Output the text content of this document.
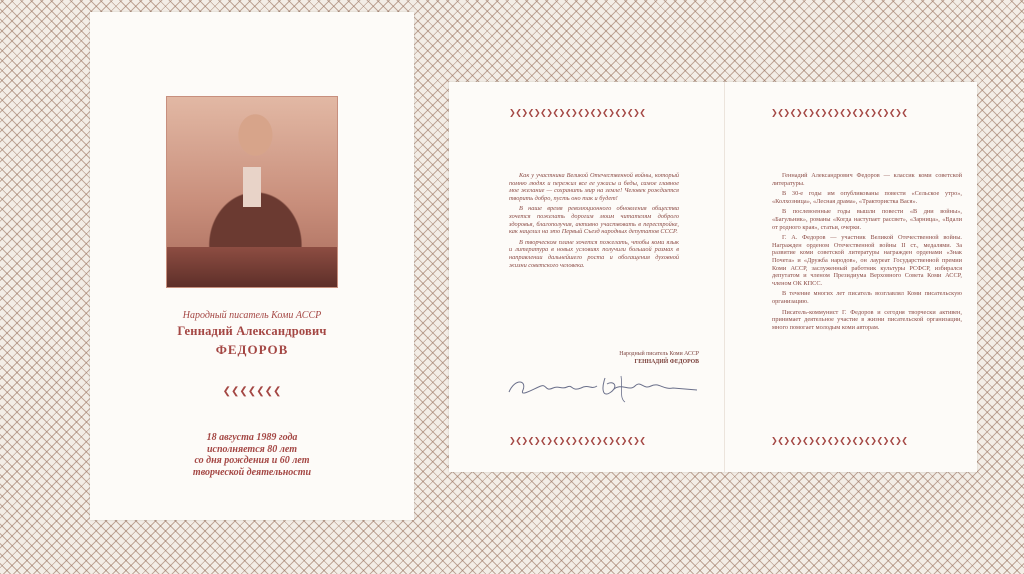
Народный писатель Коми АССР
Геннадий Александрович
ФЕДОРОВ
❮❮❮❮❮❮❮
18 августа 1989 года
исполняется 80 лет
со дня рождения и 60 лет
творческой деятельности
❯❮❯❮❯❮❯❮❯❮❯❮❯❮❯❮❯❮❯❮❯❮	❯❮❯❮❯❮❯❮❯❮❯❮❯❮❯❮❯❮❯❮❯❮
❯❮❯❮❯❮❯❮❯❮❯❮❯❮❯❮❯❮❯❮❯❮	❯❮❯❮❯❮❯❮❯❮❯❮❯❮❯❮❯❮❯❮❯❮

Как у участника Великой Отечественной войны, который помню людях и пережил все ее ужасы и беды, самое главное мое желание — сохранить мир на земле! Человек рождается творить добро, пусть оно так и будет!

В наше время революционного обновления общества хочется пожелать дорогим моим читателям доброго здоровья, благополучия, активно участвовать в перестройке, как нацелил на это Первый Съезд народных депутатов СССР.

В творческом плане хочется пожелать, чтобы коми язык и литература в новых условиях получили большой размах в направлении дальнейшего роста и обогащения духовной жизни советского человека.

Народный писатель Коми АССР
ГЕННАДИЙ ФЕДОРОВ

Геннадий Александрович Федоров — классик коми советской литературы.

В 30-е годы им опубликованы повести «Сельское утро», «Колхозница», «Лесная драма», «Трактористка Вася».

В послевоенные годы вышли повести «В дни войны», «Багульник», романы «Когда наступает рассвет», «Зарница», «Вдали от родного края», статьи, очерки.

Г. А. Федоров — участник Великой Отечественной войны. Награжден орденом Отечественной войны II ст., медалями. За развитие коми советской литературы награжден орденами «Знак Почета» и «Дружба народов», он лауреат Государственной премии Коми АССР, заслуженный работник культуры РСФСР, избирался депутатом и членом Президиума Верховного Совета Коми АССР, членом ОК КПСС.

В течение многих лет писатель возглавлял Коми писательскую организацию.

Писатель-коммунист Г. Федоров и сегодня творчески активен, принимает деятельное участие в жизни писательской организации, много помогает молодым коми авторам.
